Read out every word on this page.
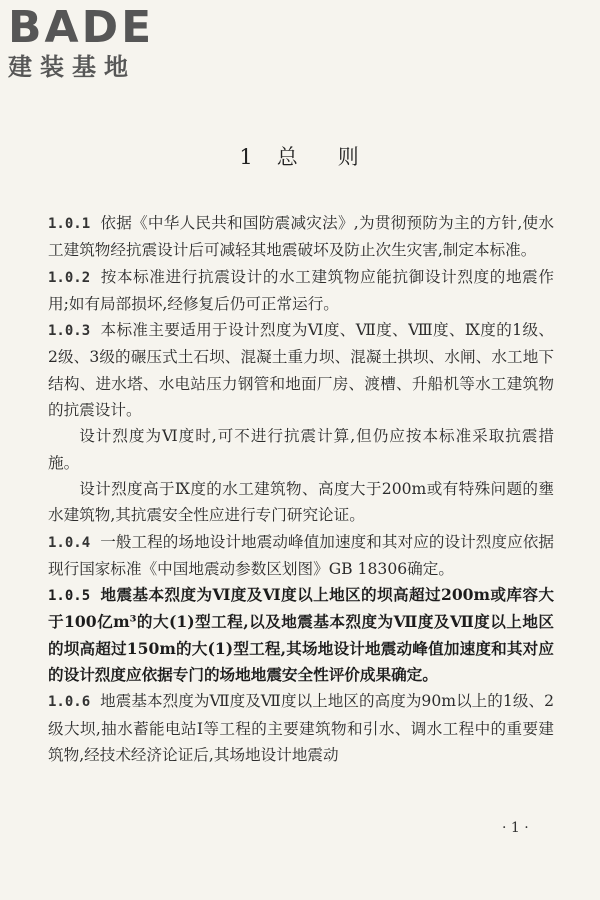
BADE
建装基地
1 总 则

1.0.1 依据《中华人民共和国防震减灾法》,为贯彻预防为主的方针,使水工建筑物经抗震设计后可减轻其地震破坏及防止次生灾害,制定本标准。

1.0.2 按本标准进行抗震设计的水工建筑物应能抗御设计烈度的地震作用;如有局部损坏,经修复后仍可正常运行。

1.0.3 本标准主要适用于设计烈度为Ⅵ度、Ⅶ度、Ⅷ度、Ⅸ度的1级、2级、3级的碾压式土石坝、混凝土重力坝、混凝土拱坝、水闸、水工地下结构、进水塔、水电站压力钢管和地面厂房、渡槽、升船机等水工建筑物的抗震设计。

设计烈度为Ⅵ度时,可不进行抗震计算,但仍应按本标准采取抗震措施。

设计烈度高于Ⅸ度的水工建筑物、高度大于200m或有特殊问题的壅水建筑物,其抗震安全性应进行专门研究论证。

1.0.4 一般工程的场地设计地震动峰值加速度和其对应的设计烈度应依据现行国家标准《中国地震动参数区划图》GB 18306确定。

1.0.5 地震基本烈度为Ⅵ度及Ⅵ度以上地区的坝高超过200m或库容大于100亿m³的大(1)型工程,以及地震基本烈度为Ⅶ度及Ⅶ度以上地区的坝高超过150m的大(1)型工程,其场地设计地震动峰值加速度和其对应的设计烈度应依据专门的场地地震安全性评价成果确定。

1.0.6 地震基本烈度为Ⅶ度及Ⅶ度以上地区的高度为90m以上的1级、2级大坝,抽水蓄能电站Ⅰ等工程的主要建筑物和引水、调水工程中的重要建筑物,经技术经济论证后,其场地设计地震动

· 1 ·
